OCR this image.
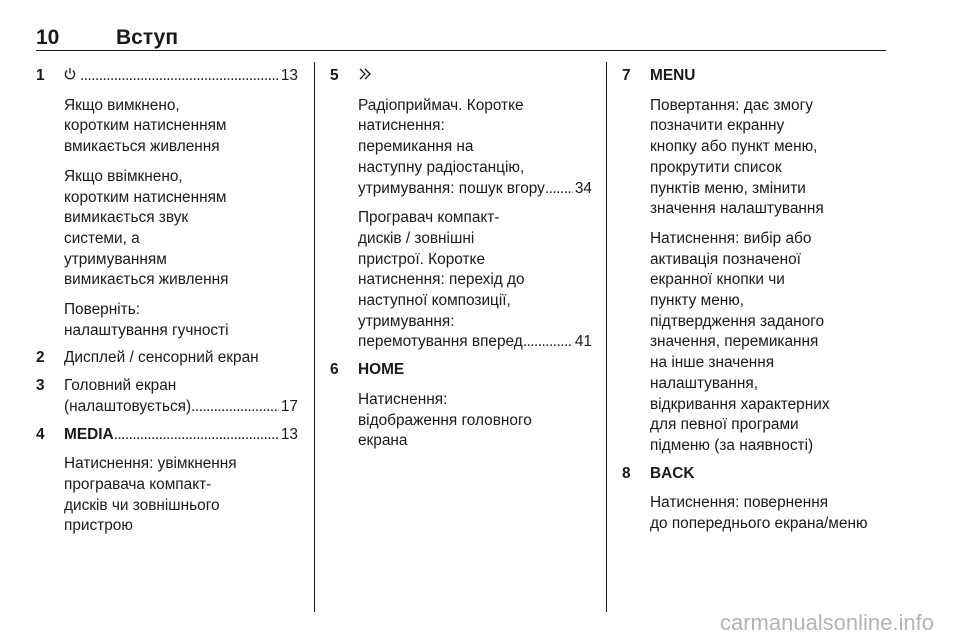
10	Вступ
1 . . .	13
Якщо вимкнено,
коротким натисненням
вмикається живлення
Якщо ввімкнено,
коротким натисненням
вимикається звук
системи, а
утримуванням
вимикається живлення
Поверніть:
налаштування гучності
2 Дисплей / сенсорний екран
3 Головний екран
(налаштовується) . . .	17
4 MEDIA . . .	13
Натиснення: увімкнення
програвача компакт-
дисків чи зовнішнього
пристрою
5
Радіоприймач. Коротке
натиснення:
перемикання на
наступну радіостанцію,
утримування: пошук вгору . . . 34
Програвач компакт-
дисків / зовнішні
пристрої. Коротке
натиснення: перехід до
наступної композиції,
утримування:
перемотування вперед . . .	41
6 HOME
Натиснення:
відображення головного
екрана
7 MENU
Повертання: дає змогу
позначити екранну
кнопку або пункт меню,
прокрутити список
пунктів меню, змінити
значення налаштування
Натиснення: вибір або
активація позначеної
екранної кнопки чи
пункту меню,
підтвердження заданого
значення, перемикання
на інше значення
налаштування,
відкривання характерних
для певної програми
підменю (за наявності)
8 BACK
Натиснення: повернення
до попереднього екрана/меню
carmanualsonline.info
